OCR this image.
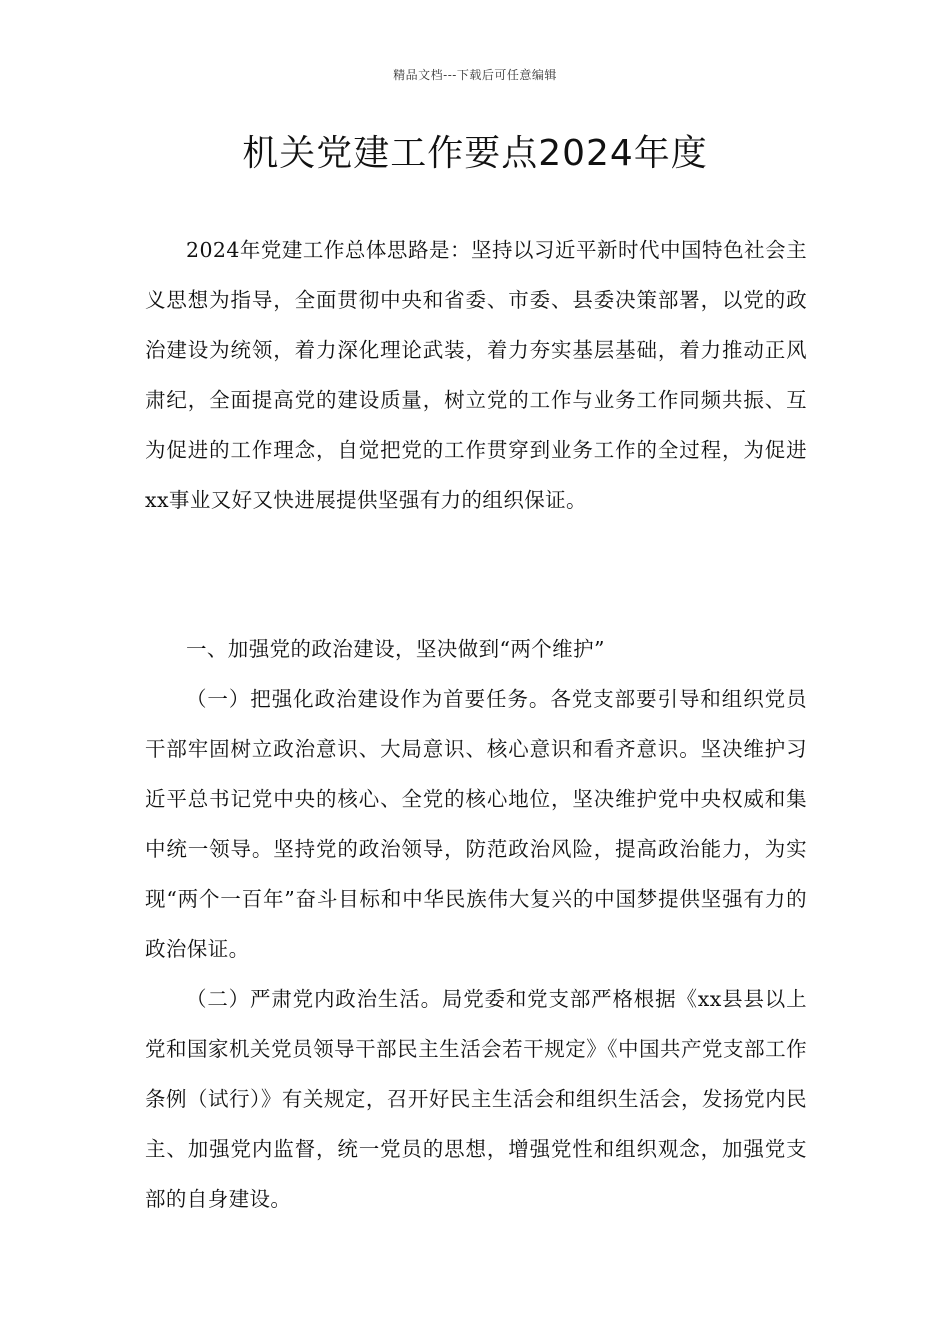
精品文档---下载后可任意编辑
机关党建工作要点2024年度

2024年党建工作总体思路是：坚持以习近平新时代中国特色社会主义思想为指导，全面贯彻中央和省委、市委、县委决策部署，以党的政治建设为统领，着力深化理论武装，着力夯实基层基础，着力推动正风肃纪，全面提高党的建设质量，树立党的工作与业务工作同频共振、互为促进的工作理念，自觉把党的工作贯穿到业务工作的全过程，为促进xx事业又好又快进展提供坚强有力的组织保证。

一、加强党的政治建设，坚决做到“两个维护”

（一）把强化政治建设作为首要任务。各党支部要引导和组织党员干部牢固树立政治意识、大局意识、核心意识和看齐意识。坚决维护习近平总书记党中央的核心、全党的核心地位，坚决维护党中央权威和集中统一领导。坚持党的政治领导，防范政治风险，提高政治能力，为实现“两个一百年”奋斗目标和中华民族伟大复兴的中国梦提供坚强有力的政治保证。

（二）严肃党内政治生活。局党委和党支部严格根据《xx县县以上党和国家机关党员领导干部民主生活会若干规定》《中国共产党支部工作条例（试行）》有关规定，召开好民主生活会和组织生活会，发扬党内民主、加强党内监督，统一党员的思想，增强党性和组织观念，加强党支部的自身建设。
